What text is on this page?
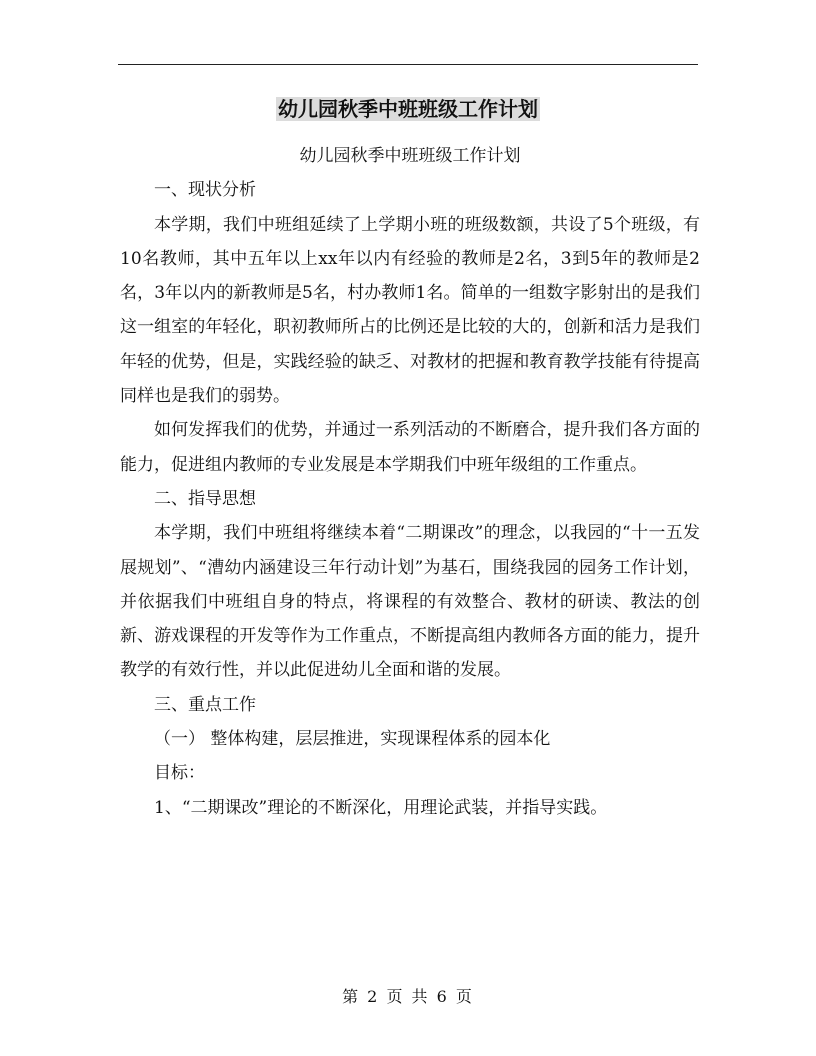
幼儿园秋季中班班级工作计划

幼儿园秋季中班班级工作计划

一、现状分析

本学期，我们中班组延续了上学期小班的班级数额，共设了5个班级，有10名教师，其中五年以上xx年以内有经验的教师是2名，3到5年的教师是2名，3年以内的新教师是5名，村办教师1名。简单的一组数字影射出的是我们这一组室的年轻化，职初教师所占的比例还是比较的大的，创新和活力是我们年轻的优势，但是，实践经验的缺乏、对教材的把握和教育教学技能有待提高同样也是我们的弱势。

如何发挥我们的优势，并通过一系列活动的不断磨合，提升我们各方面的能力，促进组内教师的专业发展是本学期我们中班年级组的工作重点。

二、指导思想

本学期，我们中班组将继续本着“二期课改”的理念，以我园的“十一五发展规划”、“漕幼内涵建设三年行动计划”为基石，围绕我园的园务工作计划，并依据我们中班组自身的特点，将课程的有效整合、教材的研读、教法的创新、游戏课程的开发等作为工作重点，不断提高组内教师各方面的能力，提升教学的有效行性，并以此促进幼儿全面和谐的发展。

三、重点工作

（一） 整体构建，层层推进，实现课程体系的园本化

目标：

1、“二期课改”理论的不断深化，用理论武装，并指导实践。

第 2 页 共 6 页
